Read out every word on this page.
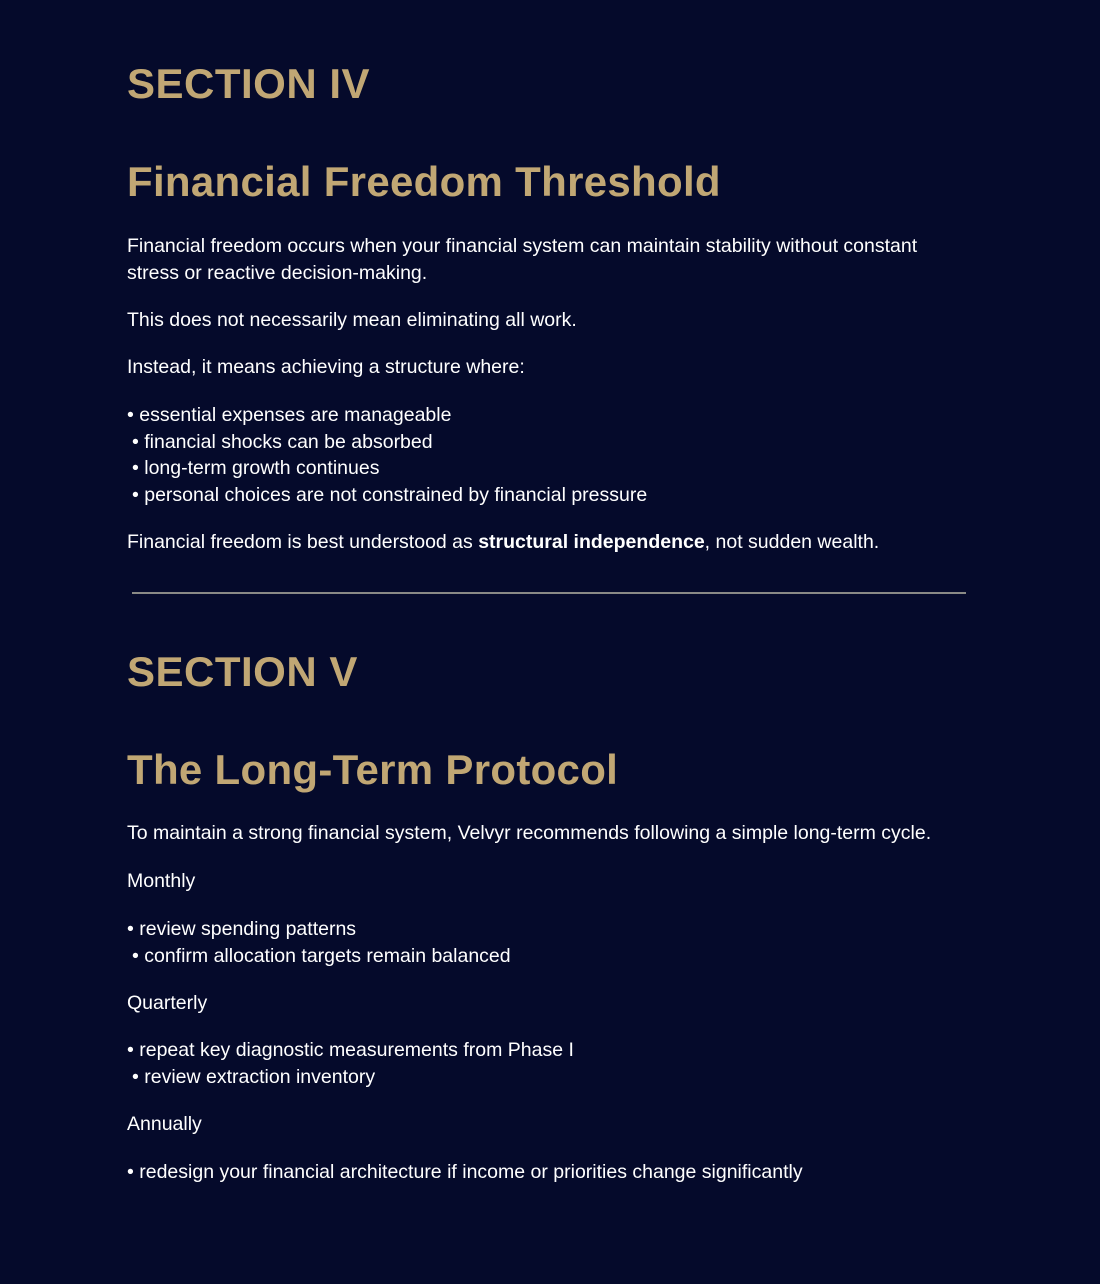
SECTION IV
Financial Freedom Threshold

Financial freedom occurs when your financial system can maintain stability without constant stress or reactive decision-making.

This does not necessarily mean eliminating all work.

Instead, it means achieving a structure where:

• essential expenses are manageable
• financial shocks can be absorbed
• long-term growth continues
• personal choices are not constrained by financial pressure

Financial freedom is best understood as structural independence, not sudden wealth.

SECTION V
The Long-Term Protocol

To maintain a strong financial system, Velvyr recommends following a simple long-term cycle.

Monthly

• review spending patterns
• confirm allocation targets remain balanced

Quarterly

• repeat key diagnostic measurements from Phase I
• review extraction inventory

Annually

• redesign your financial architecture if income or priorities change significantly
